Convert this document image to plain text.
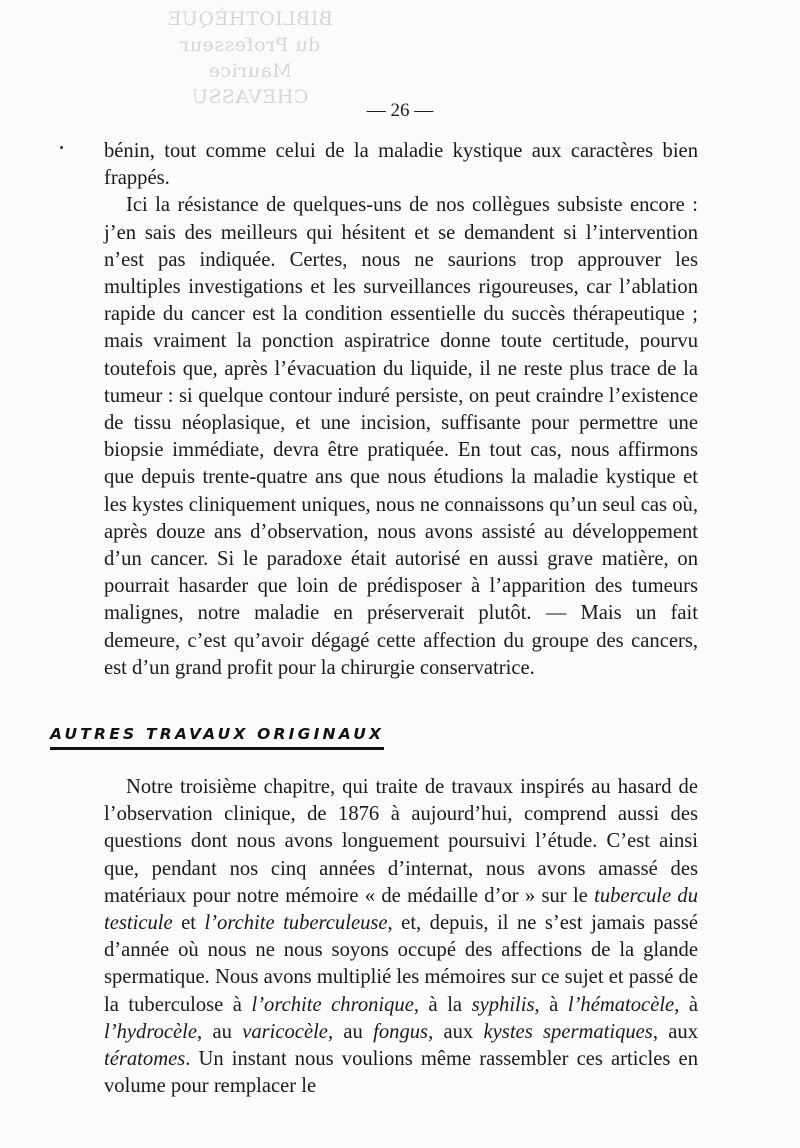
BIBLIOTHÈQUE
du Professeur
Maurice CHEVASSU
— 26 —

bénin, tout comme celui de la maladie kystique aux caractères bien frappés.

Ici la résistance de quelques-uns de nos collègues subsiste encore : j’en sais des meilleurs qui hésitent et se demandent si l’intervention n’est pas indiquée. Certes, nous ne saurions trop approuver les multiples investigations et les surveillances rigoureuses, car l’ablation rapide du cancer est la condition essentielle du succès thérapeutique ; mais vraiment la ponction aspiratrice donne toute certitude, pourvu toutefois que, après l’évacuation du liquide, il ne reste plus trace de la tumeur : si quelque contour induré persiste, on peut craindre l’existence de tissu néoplasique, et une incision, suffisante pour permettre une biopsie immédiate, devra être pratiquée. En tout cas, nous affirmons que depuis trente-quatre ans que nous étudions la maladie kystique et les kystes cliniquement uniques, nous ne connaissons qu’un seul cas où, après douze ans d’observation, nous avons assisté au développement d’un cancer. Si le paradoxe était autorisé en aussi grave matière, on pourrait hasarder que loin de prédisposer à l’apparition des tumeurs malignes, notre maladie en préserverait plutôt. — Mais un fait demeure, c’est qu’avoir dégagé cette affection du groupe des cancers, est d’un grand profit pour la chirurgie conservatrice.

AUTRES TRAVAUX ORIGINAUX

Notre troisième chapitre, qui traite de travaux inspirés au hasard de l’observation clinique, de 1876 à aujourd’hui, comprend aussi des questions dont nous avons longuement poursuivi l’étude. C’est ainsi que, pendant nos cinq années d’internat, nous avons amassé des matériaux pour notre mémoire « de médaille d’or » sur le tubercule du testicule et l’orchite tuberculeuse, et, depuis, il ne s’est jamais passé d’année où nous ne nous soyons occupé des affections de la glande spermatique. Nous avons multiplié les mémoires sur ce sujet et passé de la tuberculose à l’orchite chronique, à la syphilis, à l’hématocèle, à l’hydrocèle, au varicocèle, au fongus, aux kystes spermatiques, aux tératomes. Un instant nous voulions même rassembler ces articles en volume pour remplacer le
